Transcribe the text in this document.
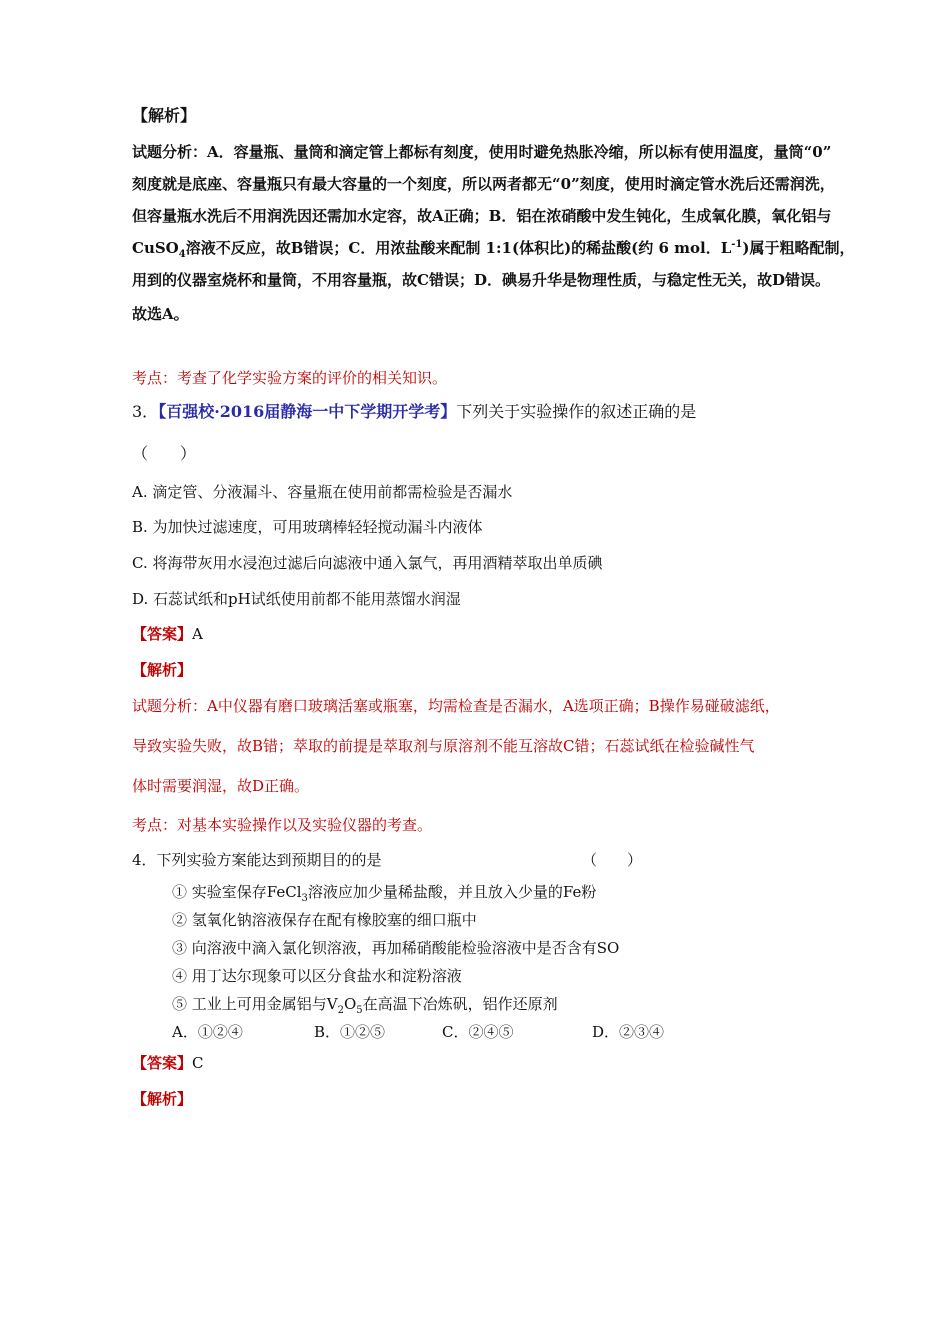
【解析】
试题分析：A．容量瓶、量筒和滴定管上都标有刻度，使用时避免热胀冷缩，所以标有使用温度，量筒“0”
刻度就是底座、容量瓶只有最大容量的一个刻度，所以两者都无“0”刻度，使用时滴定管水洗后还需润洗，
但容量瓶水洗后不用润洗因还需加水定容，故A正确；B．铝在浓硝酸中发生钝化，生成氧化膜，氧化铝与
CuSO$_4$溶液不反应，故B错误；C．用浓盐酸来配制 1:1(体积比)的稀盐酸(约 6 mol．$L^{-1}$)属于粗略配制，
用到的仪器室烧杯和量筒，不用容量瓶，故C错误；D．碘易升华是物理性质，与稳定性无关，故D错误。
故选A。
考点：考查了化学实验方案的评价的相关知识。
3．【百强校·2016届静海一中下学期开学考】下列关于实验操作的叙述正确的是
（　　）
A. 滴定管、分液漏斗、容量瓶在使用前都需检验是否漏水
B. 为加快过滤速度，可用玻璃棒轻轻搅动漏斗内液体
C. 将海带灰用水浸泡过滤后向滤液中通入氯气，再用酒精萃取出单质碘
D. 石蕊试纸和pH试纸使用前都不能用蒸馏水润湿
【答案】A
【解析】
试题分析：A中仪器有磨口玻璃活塞或瓶塞，均需检查是否漏水，A选项正确；B操作易碰破滤纸，
导致实验失败，故B错；萃取的前提是萃取剂与原溶剂不能互溶故C错；石蕊试纸在检验碱性气
体时需要润湿，故D正确。
考点：对基本实验操作以及实验仪器的考查。
4．下列实验方案能达到预期目的的是	（　　）
① 实验室保存FeCl$_3$溶液应加少量稀盐酸，并且放入少量的Fe粉
② 氢氧化钠溶液保存在配有橡胶塞的细口瓶中
③ 向溶液中滴入氯化钡溶液，再加稀硝酸能检验溶液中是否含有SO
④ 用丁达尔现象可以区分食盐水和淀粉溶液
⑤ 工业上可用金属铝与$V_2O_5$在高温下冶炼矾，铝作还原剂
A．①②④	B．①②⑤	C．②④⑤	D．②③④
【答案】C
【解析】
